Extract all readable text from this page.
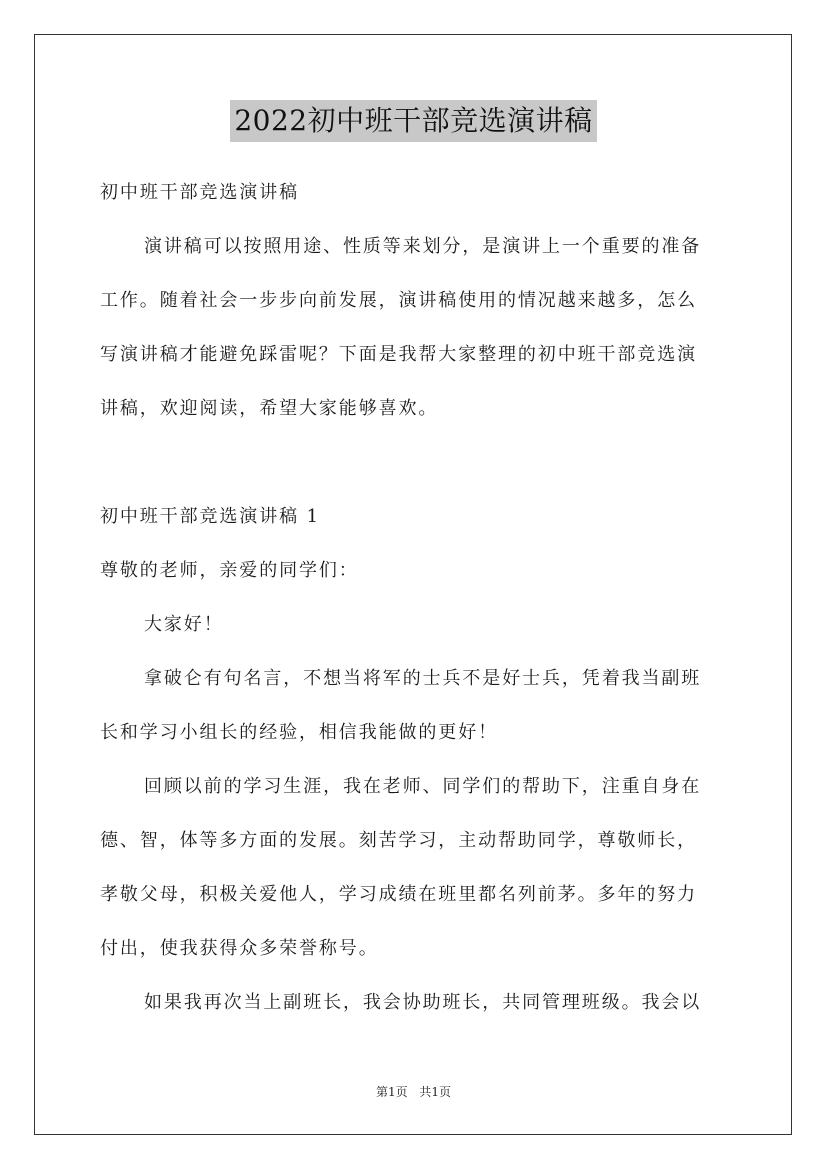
2022初中班干部竞选演讲稿
初中班干部竞选演讲稿
演讲稿可以按照用途、性质等来划分，是演讲上一个重要的准备
工作。随着社会一步步向前发展，演讲稿使用的情况越来越多，怎么
写演讲稿才能避免踩雷呢？下面是我帮大家整理的初中班干部竞选演
讲稿，欢迎阅读，希望大家能够喜欢。
初中班干部竞选演讲稿 1
尊敬的老师，亲爱的同学们：
大家好！
拿破仑有句名言，不想当将军的士兵不是好士兵，凭着我当副班
长和学习小组长的经验，相信我能做的更好！
回顾以前的学习生涯，我在老师、同学们的帮助下，注重自身在
德、智，体等多方面的发展。刻苦学习，主动帮助同学，尊敬师长，
孝敬父母，积极关爱他人，学习成绩在班里都名列前茅。多年的努力
付出，使我获得众多荣誉称号。
如果我再次当上副班长，我会协助班长，共同管理班级。我会以
第1页 共1页
